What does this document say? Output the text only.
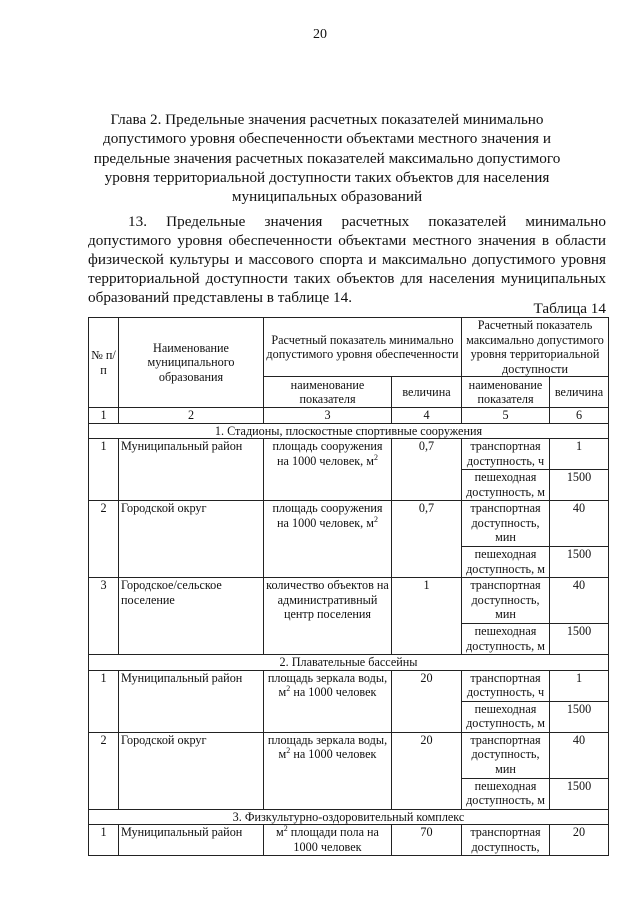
20
Глава 2. Предельные значения расчетных показателей минимально допустимого уровня обеспеченности объектами местного значения и предельные значения расчетных показателей максимально допустимого уровня территориальной доступности таких объектов для населения муниципальных образований
13. Предельные значения расчетных показателей минимально допустимого уровня обеспеченности объектами местного значения в области физической культуры и массового спорта и максимально допустимого уровня территориальной доступности таких объектов для населения муниципальных образований представлены в таблице 14.
Таблица 14
№ п/п	Наименование муниципального образования	Расчетный показатель минимально допустимого уровня обеспеченности		Расчетный показатель максимально допустимого уровня территориальной доступности	
		наименование показателя	величина	наименование показателя	величина
1	2	3	4	5	6
1. Стадионы, плоскостные спортивные сооружения					
1	Муниципальный район	площадь сооружения на 1000 человек, $м^2$	0,7	транспортная доступность, ч	1
				пешеходная доступность, м	1500
2	Городской округ	площадь сооружения на 1000 человек, $м^2$	0,7	транспортная доступность, мин	40
				пешеходная доступность, м	1500
3	Городское/сельское поселение	количество объектов на административный центр поселения	1	транспортная доступность, мин	40
				пешеходная доступность, м	1500
2. Плавательные бассейны					
1	Муниципальный район	площадь зеркала воды, $м^2$ на 1000 человек	20	транспортная доступность, ч	1
				пешеходная доступность, м	1500
2	Городской округ	площадь зеркала воды, $м^2$ на 1000 человек	20	транспортная доступность, мин	40
				пешеходная доступность, м	1500
3. Физкультурно-оздоровительный комплекс					
1	Муниципальный район	$м^2$ площади пола на 1000 человек	70	транспортная доступность,	20
